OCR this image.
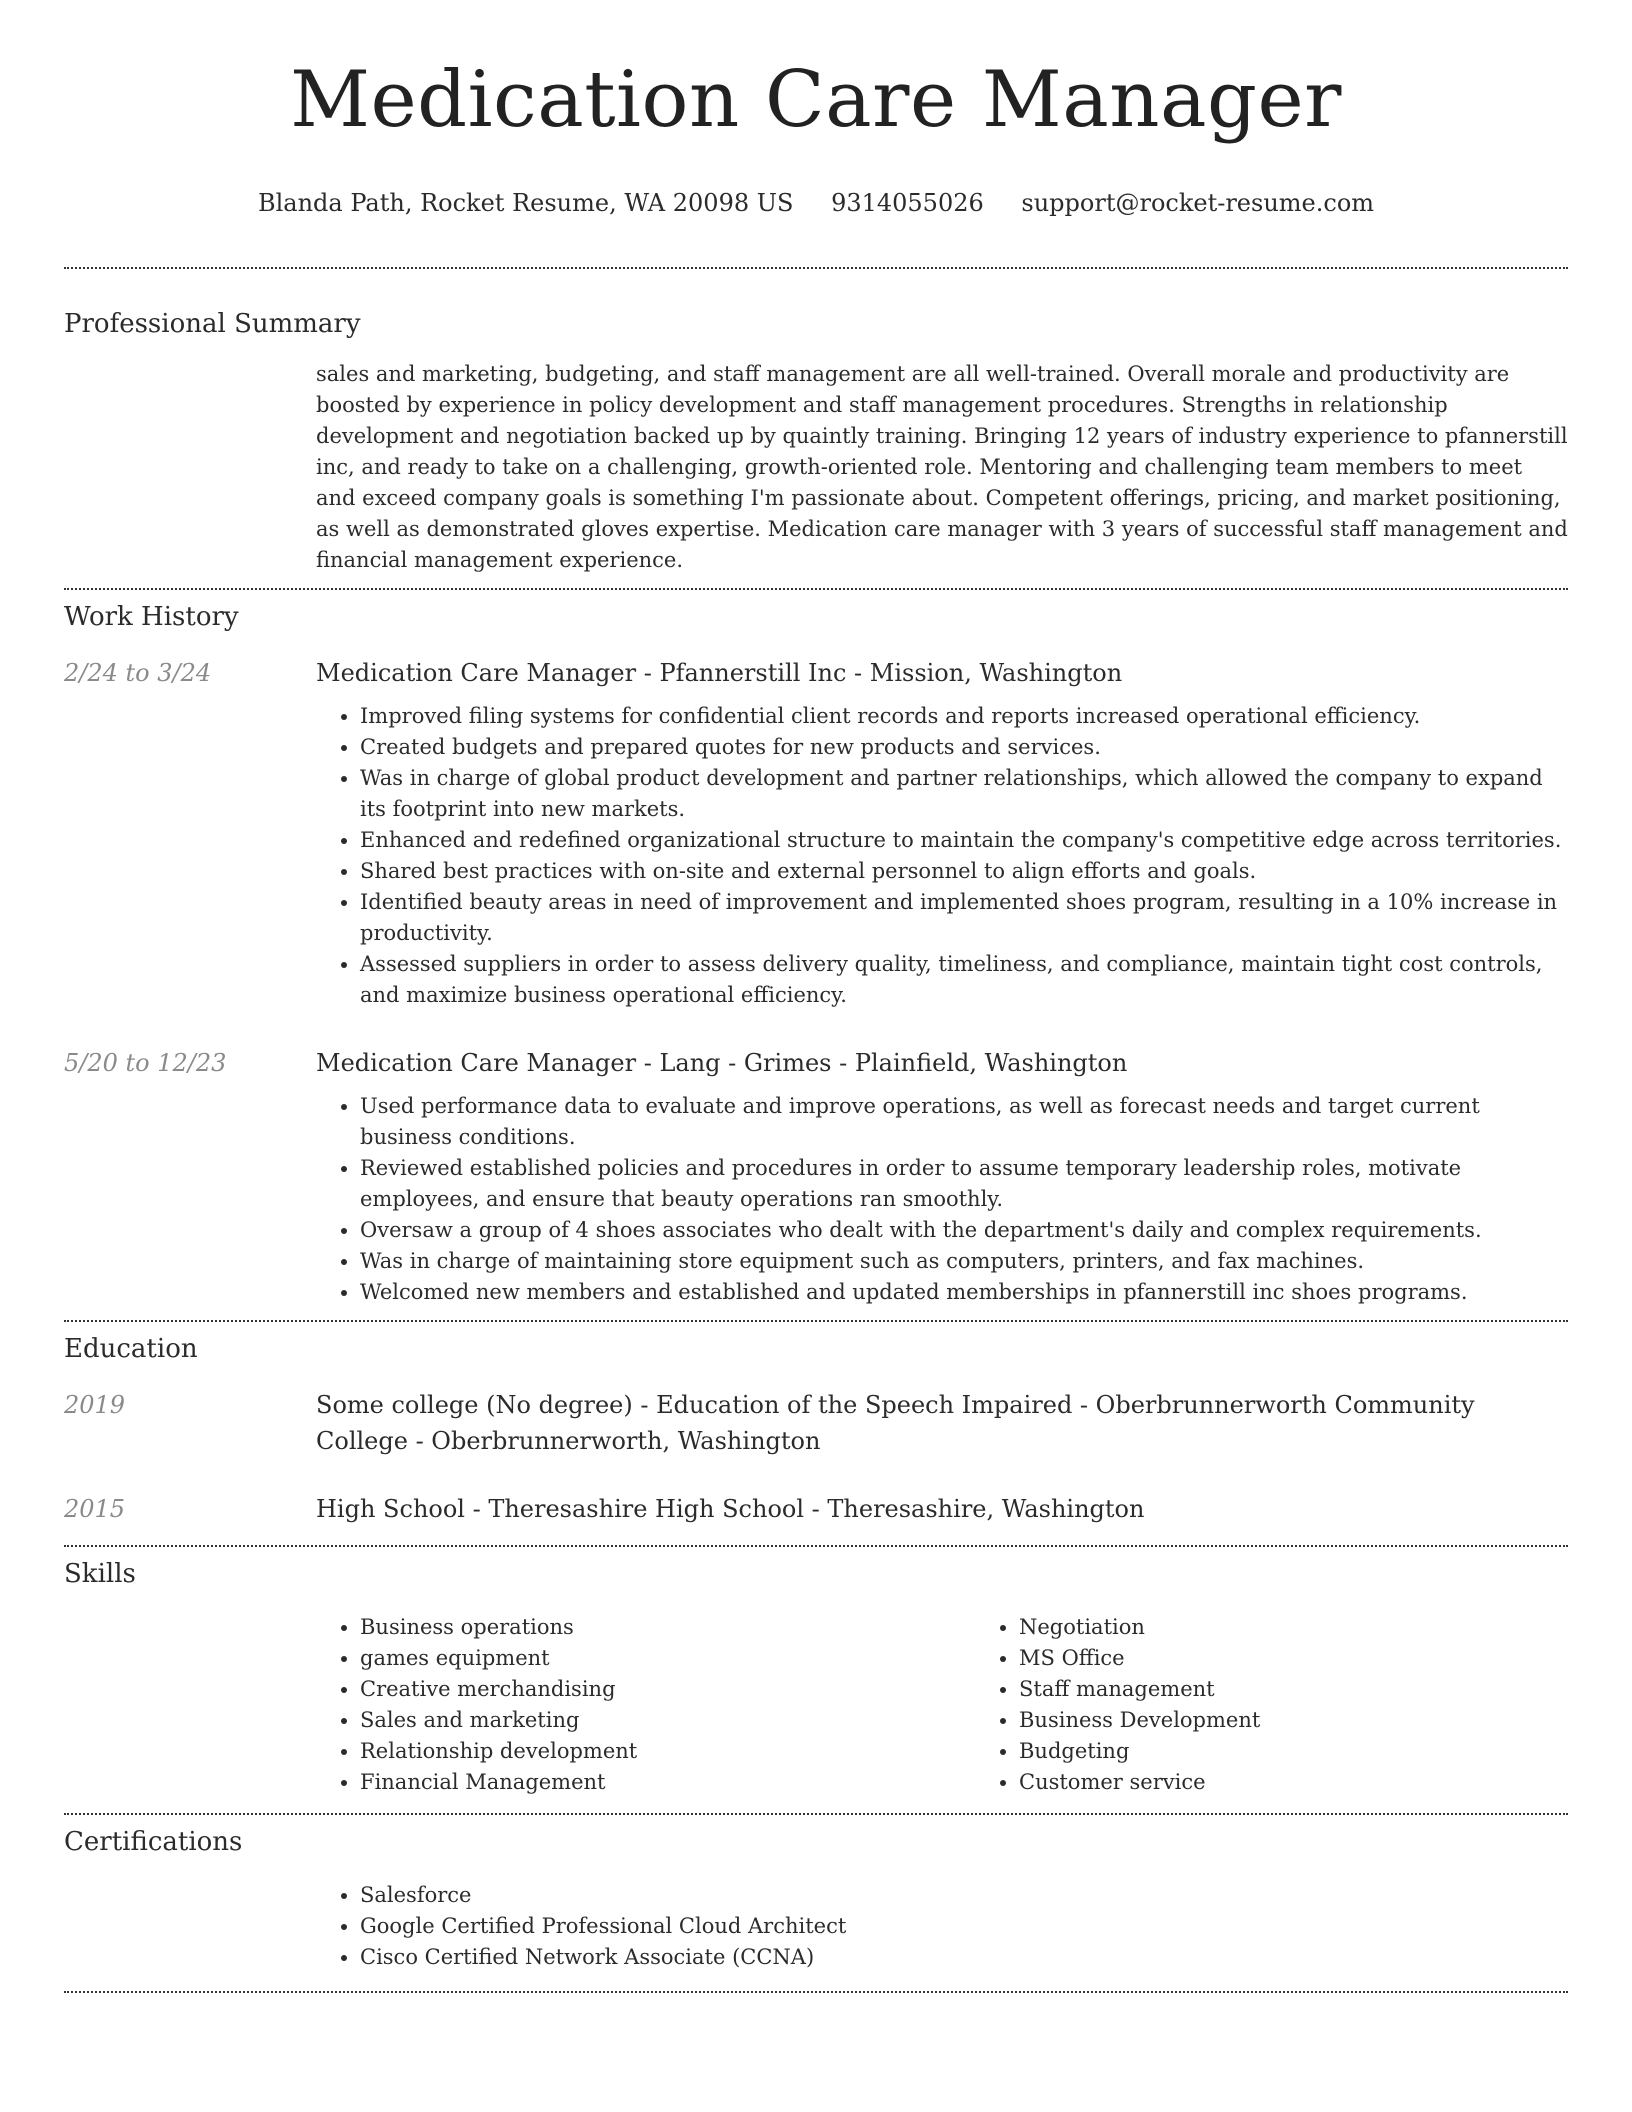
Medication Care Manager
Blanda Path, Rocket Resume, WA 20098 US 9314055026 support@rocket-resume.com
Professional Summary
sales and marketing, budgeting, and staff management are all well-trained. Overall morale and productivity are boosted by experience in policy development and staff management procedures. Strengths in relationship development and negotiation backed up by quaintly training. Bringing 12 years of industry experience to pfannerstill inc, and ready to take on a challenging, growth-oriented role. Mentoring and challenging team members to meet and exceed company goals is something I'm passionate about. Competent offerings, pricing, and market positioning, as well as demonstrated gloves expertise. Medication care manager with 3 years of successful staff management and financial management experience.
Work History
2/24 to 3/24	Medication Care Manager - Pfannerstill Inc - Mission, Washington
• Improved filing systems for confidential client records and reports increased operational efficiency.
• Created budgets and prepared quotes for new products and services.
• Was in charge of global product development and partner relationships, which allowed the company to expand its footprint into new markets.
• Enhanced and redefined organizational structure to maintain the company's competitive edge across territories.
• Shared best practices with on-site and external personnel to align efforts and goals.
• Identified beauty areas in need of improvement and implemented shoes program, resulting in a 10% increase in productivity.
• Assessed suppliers in order to assess delivery quality, timeliness, and compliance, maintain tight cost controls, and maximize business operational efficiency.
5/20 to 12/23	Medication Care Manager - Lang - Grimes - Plainfield, Washington
• Used performance data to evaluate and improve operations, as well as forecast needs and target current business conditions.
• Reviewed established policies and procedures in order to assume temporary leadership roles, motivate employees, and ensure that beauty operations ran smoothly.
• Oversaw a group of 4 shoes associates who dealt with the department's daily and complex requirements.
• Was in charge of maintaining store equipment such as computers, printers, and fax machines.
• Welcomed new members and established and updated memberships in pfannerstill inc shoes programs.
Education
2019	Some college (No degree) - Education of the Speech Impaired - Oberbrunnerworth Community College - Oberbrunnerworth, Washington
2015	High School - Theresashire High School - Theresashire, Washington
Skills
• Business operations
• games equipment
• Creative merchandising
• Sales and marketing
• Relationship development
• Financial Management
• Negotiation
• MS Office
• Staff management
• Business Development
• Budgeting
• Customer service
Certifications
• Salesforce
• Google Certified Professional Cloud Architect
• Cisco Certified Network Associate (CCNA)
